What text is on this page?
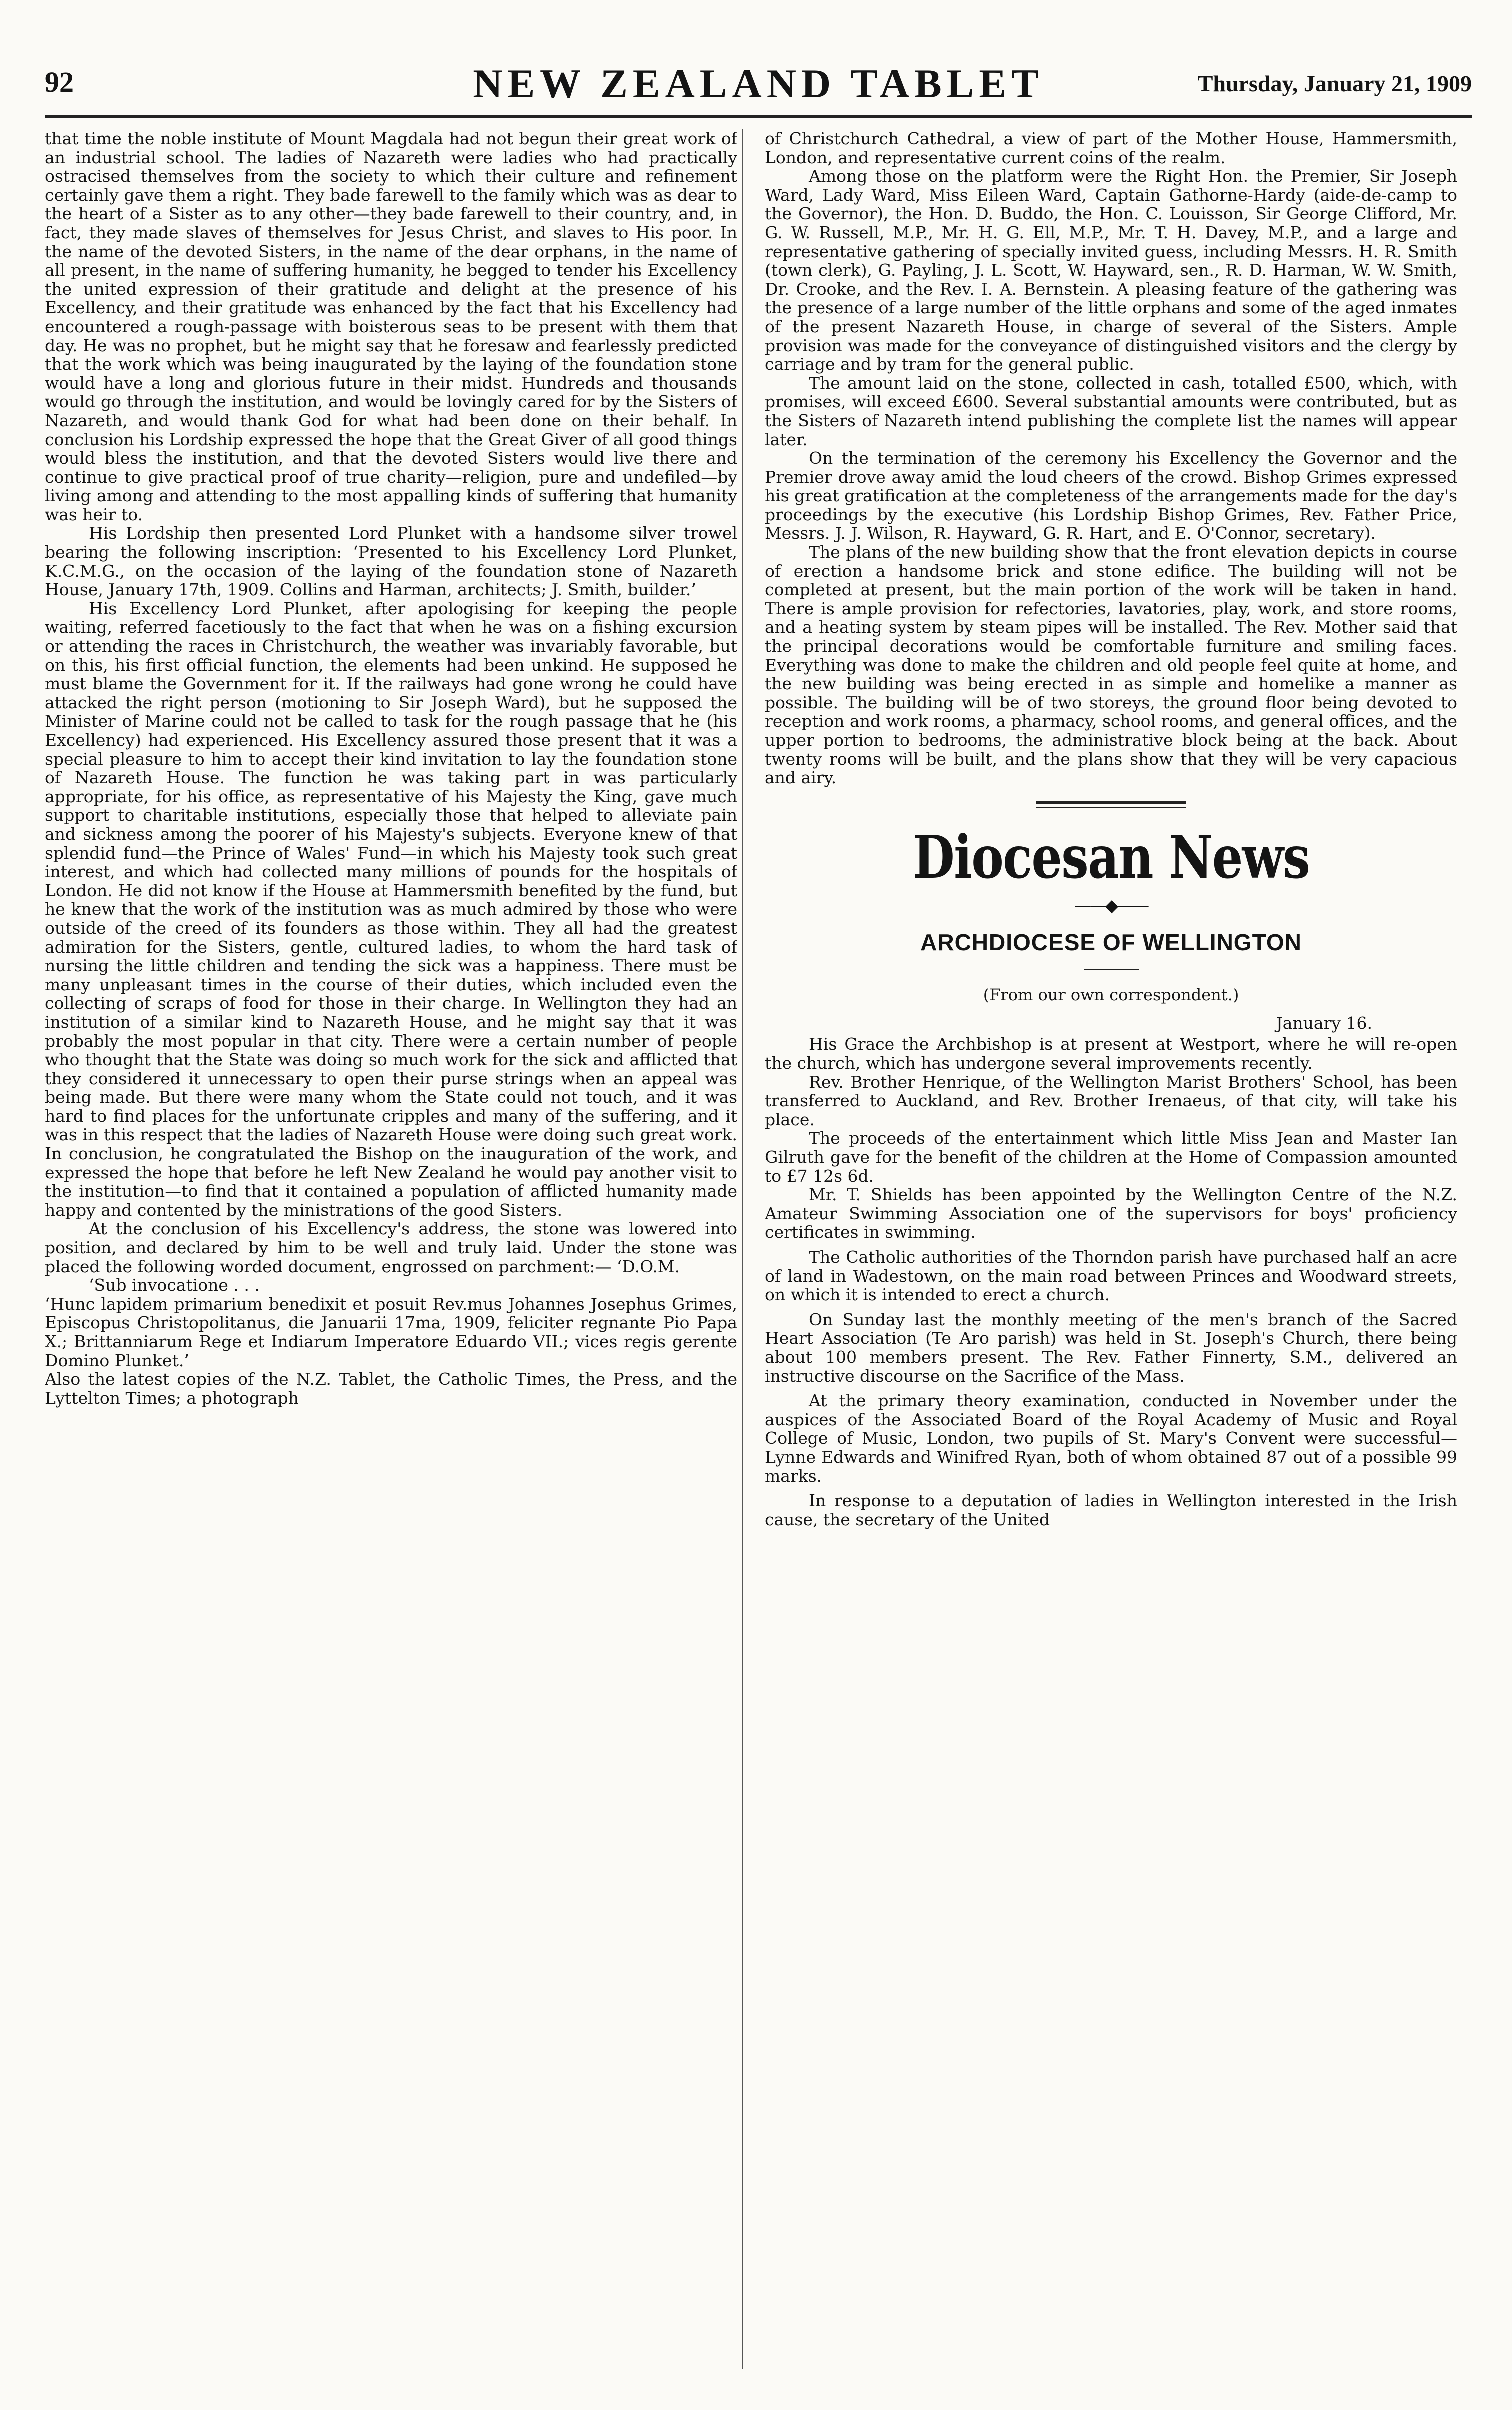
92	NEW ZEALAND TABLET	Thursday, January 21, 1909

that time the noble institute of Mount Magdala had not begun their great work of an industrial school. The ladies of Nazareth were ladies who had practically ostracised themselves from the society to which their culture and refinement certainly gave them a right. They bade farewell to the family which was as dear to the heart of a Sister as to any other—they bade farewell to their country, and, in fact, they made slaves of themselves for Jesus Christ, and slaves to His poor. In the name of the devoted Sisters, in the name of the dear orphans, in the name of all present, in the name of suffering humanity, he begged to tender his Excellency the united expression of their gratitude and delight at the presence of his Excellency, and their gratitude was enhanced by the fact that his Excellency had encountered a rough-passage with boisterous seas to be present with them that day. He was no prophet, but he might say that he foresaw and fearlessly predicted that the work which was being inaugurated by the laying of the foundation stone would have a long and glorious future in their midst. Hundreds and thousands would go through the institution, and would be lovingly cared for by the Sisters of Nazareth, and would thank God for what had been done on their behalf. In conclusion his Lordship expressed the hope that the Great Giver of all good things would bless the institution, and that the devoted Sisters would live there and continue to give practical proof of true charity—religion, pure and undefiled—by living among and attending to the most appalling kinds of suffering that humanity was heir to.

His Lordship then presented Lord Plunket with a handsome silver trowel bearing the following inscription: ‘Presented to his Excellency Lord Plunket, K.C.M.G., on the occasion of the laying of the foundation stone of Nazareth House, January 17th, 1909. Collins and Harman, architects; J. Smith, builder.’

His Excellency Lord Plunket, after apologising for keeping the people waiting, referred facetiously to the fact that when he was on a fishing excursion or attending the races in Christchurch, the weather was invariably favorable, but on this, his first official function, the elements had been unkind. He supposed he must blame the Government for it. If the railways had gone wrong he could have attacked the right person (motioning to Sir Joseph Ward), but he supposed the Minister of Marine could not be called to task for the rough passage that he (his Excellency) had experienced. His Excellency assured those present that it was a special pleasure to him to accept their kind invitation to lay the foundation stone of Nazareth House. The function he was taking part in was particularly appropriate, for his office, as representative of his Majesty the King, gave much support to charitable institutions, especially those that helped to alleviate pain and sickness among the poorer of his Majesty's subjects. Everyone knew of that splendid fund—the Prince of Wales' Fund—in which his Majesty took such great interest, and which had collected many millions of pounds for the hospitals of London. He did not know if the House at Hammersmith benefited by the fund, but he knew that the work of the institution was as much admired by those who were outside of the creed of its founders as those within. They all had the greatest admiration for the Sisters, gentle, cultured ladies, to whom the hard task of nursing the little children and tending the sick was a happiness. There must be many unpleasant times in the course of their duties, which included even the collecting of scraps of food for those in their charge. In Wellington they had an institution of a similar kind to Nazareth House, and he might say that it was probably the most popular in that city. There were a certain number of people who thought that the State was doing so much work for the sick and afflicted that they considered it unnecessary to open their purse strings when an appeal was being made. But there were many whom the State could not touch, and it was hard to find places for the unfortunate cripples and many of the suffering, and it was in this respect that the ladies of Nazareth House were doing such great work. In conclusion, he congratulated the Bishop on the inauguration of the work, and expressed the hope that before he left New Zealand he would pay another visit to the institution—to find that it contained a population of afflicted humanity made happy and contented by the ministrations of the good Sisters.

At the conclusion of his Excellency's address, the stone was lowered into position, and declared by him to be well and truly laid. Under the stone was placed the following worded document, engrossed on parchment:— ‘D.O.M.

‘Sub invocatione . . .

‘Hunc lapidem primarium benedixit et posuit Rev.mus Johannes Josephus Grimes, Episcopus Christopolitanus, die Januarii 17ma, 1909, feliciter regnante Pio Papa X.; Brittanniarum Rege et Indiarum Imperatore Eduardo VII.; vices regis gerente Domino Plunket.’

Also the latest copies of the N.Z. Tablet, the Catholic Times, the Press, and the Lyttelton Times; a photograph

of Christchurch Cathedral, a view of part of the Mother House, Hammersmith, London, and representative current coins of the realm.

Among those on the platform were the Right Hon. the Premier, Sir Joseph Ward, Lady Ward, Miss Eileen Ward, Captain Gathorne-Hardy (aide-de-camp to the Governor), the Hon. D. Buddo, the Hon. C. Louisson, Sir George Clifford, Mr. G. W. Russell, M.P., Mr. H. G. Ell, M.P., Mr. T. H. Davey, M.P., and a large and representative gathering of specially invited guess, including Messrs. H. R. Smith (town clerk), G. Payling, J. L. Scott, W. Hayward, sen., R. D. Harman, W. W. Smith, Dr. Crooke, and the Rev. I. A. Bernstein. A pleasing feature of the gathering was the presence of a large number of the little orphans and some of the aged inmates of the present Nazareth House, in charge of several of the Sisters. Ample provision was made for the conveyance of distinguished visitors and the clergy by carriage and by tram for the general public.

The amount laid on the stone, collected in cash, totalled £500, which, with promises, will exceed £600. Several substantial amounts were contributed, but as the Sisters of Nazareth intend publishing the complete list the names will appear later.

On the termination of the ceremony his Excellency the Governor and the Premier drove away amid the loud cheers of the crowd. Bishop Grimes expressed his great gratification at the completeness of the arrangements made for the day's proceedings by the executive (his Lordship Bishop Grimes, Rev. Father Price, Messrs. J. J. Wilson, R. Hayward, G. R. Hart, and E. O'Connor, secretary).

The plans of the new building show that the front elevation depicts in course of erection a handsome brick and stone edifice. The building will not be completed at present, but the main portion of the work will be taken in hand. There is ample provision for refectories, lavatories, play, work, and store rooms, and a heating system by steam pipes will be installed. The Rev. Mother said that the principal decorations would be comfortable furniture and smiling faces. Everything was done to make the children and old people feel quite at home, and the new building was being erected in as simple and homelike a manner as possible. The building will be of two storeys, the ground floor being devoted to reception and work rooms, a pharmacy, school rooms, and general offices, and the upper portion to bedrooms, the administrative block being at the back. About twenty rooms will be built, and the plans show that they will be very capacious and airy.

Diocesan News
——◆——
ARCHDIOCESE OF WELLINGTON
(From our own correspondent.)
January 16.

His Grace the Archbishop is at present at Westport, where he will re-open the church, which has undergone several improvements recently.

Rev. Brother Henrique, of the Wellington Marist Brothers' School, has been transferred to Auckland, and Rev. Brother Irenaeus, of that city, will take his place.

The proceeds of the entertainment which little Miss Jean and Master Ian Gilruth gave for the benefit of the children at the Home of Compassion amounted to £7 12s 6d.

Mr. T. Shields has been appointed by the Wellington Centre of the N.Z. Amateur Swimming Association one of the supervisors for boys' proficiency certificates in swimming.

The Catholic authorities of the Thorndon parish have purchased half an acre of land in Wadestown, on the main road between Princes and Woodward streets, on which it is intended to erect a church.

On Sunday last the monthly meeting of the men's branch of the Sacred Heart Association (Te Aro parish) was held in St. Joseph's Church, there being about 100 members present. The Rev. Father Finnerty, S.M., delivered an instructive discourse on the Sacrifice of the Mass.

At the primary theory examination, conducted in November under the auspices of the Associated Board of the Royal Academy of Music and Royal College of Music, London, two pupils of St. Mary's Convent were successful—Lynne Edwards and Winifred Ryan, both of whom obtained 87 out of a possible 99 marks.

In response to a deputation of ladies in Wellington interested in the Irish cause, the secretary of the United
